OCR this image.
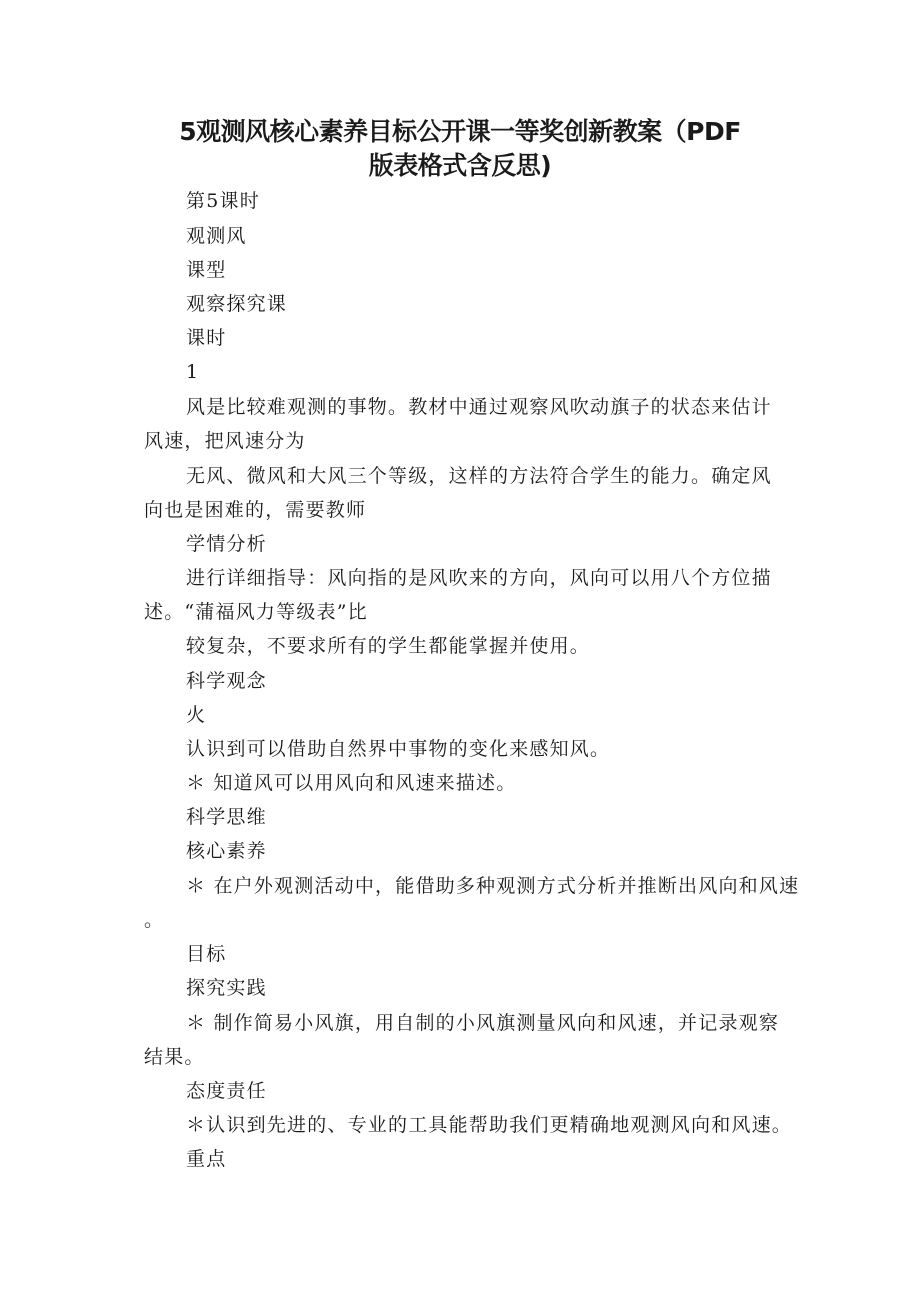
5观测风核心素养目标公开课一等奖创新教案（PDF
版表格式含反思)
第5课时
观测风
课型
观察探究课
课时
1
风是比较难观测的事物。教材中通过观察风吹动旗子的状态来估计
风速，把风速分为
无风、微风和大风三个等级，这样的方法符合学生的能力。确定风
向也是困难的，需要教师
学情分析
进行详细指导：风向指的是风吹来的方向，风向可以用八个方位描
述。“蒲福风力等级表”比
较复杂，不要求所有的学生都能掌握并使用。
科学观念
火
认识到可以借助自然界中事物的变化来感知风。
＊ 知道风可以用风向和风速来描述。
科学思维
核心素养
＊ 在户外观测活动中，能借助多种观测方式分析并推断出风向和风速
。
目标
探究实践
＊ 制作简易小风旗，用自制的小风旗测量风向和风速，并记录观察
结果。
态度责任
＊认识到先进的、专业的工具能帮助我们更精确地观测风向和风速。
重点
